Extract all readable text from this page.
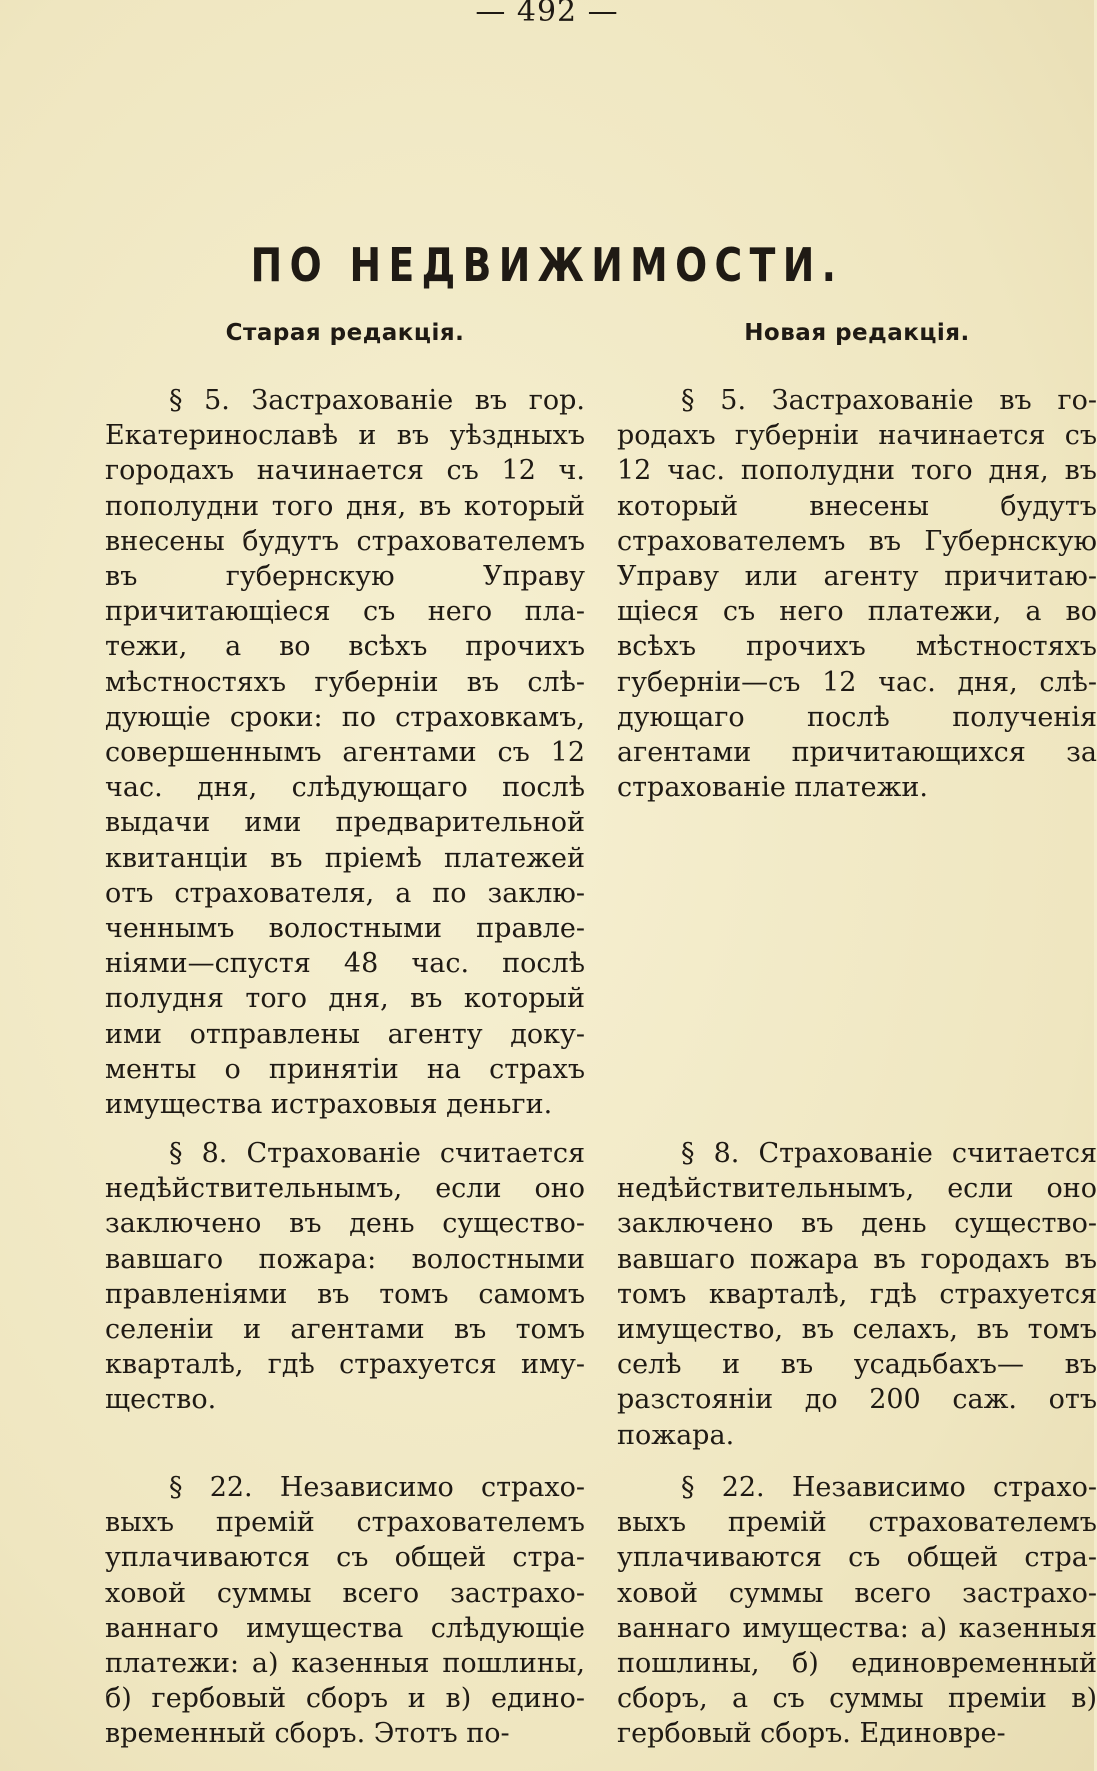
— 492 —
ПО НЕДВИЖИМОСТИ.
Старая редакція.
§ 5. Застрахованіе въ гор. Екатеринославѣ и въ уѣздныхъ городахъ начинается съ 12 ч. пополудни того дня, въ который внесены будутъ страхователемъ въ губернскую Управу причитающіеся съ него платежи, а во всѣхъ прочихъ мѣстностяхъ губерніи въ слѣдующіе сроки: по страховкамъ, совершеннымъ агентами съ 12 час. дня, слѣдующаго послѣ выдачи ими предварительной квитанціи въ пріемѣ платежей отъ страхователя, а по заключеннымъ волостными правленіями—спустя 48 час. послѣ полудня того дня, въ который ими отправлены агенту документы о принятіи на страхъ имущества истраховыя деньги.
§ 8. Страхованіе считается недѣйствительнымъ, если оно заключено въ день существовавшаго пожара: волостными правленіями въ томъ самомъ селеніи и агентами въ томъ кварталѣ, гдѣ страхуется имущество.
§ 22. Независимо страховыхъ премій страхователемъ уплачиваются съ общей страховой суммы всего застрахованнаго имущества слѣдующіе платежи: а) казенныя пошлины, б) гербовый сборъ и в) единовременный сборъ. Этотъ по-
Новая редакція.
§ 5. Застрахованіе въ городахъ губерніи начинается съ 12 час. пополудни того дня, въ который внесены будутъ страхователемъ въ Губернскую Управу или агенту причитающіеся съ него платежи, а во всѣхъ прочихъ мѣстностяхъ губерніи—съ 12 час. дня, слѣдующаго послѣ полученія агентами причитающихся за страхованіе платежи.
§ 8. Страхованіе считается недѣйствительнымъ, если оно заключено въ день существовавшаго пожара въ городахъ въ томъ кварталѣ, гдѣ страхуется имущество, въ селахъ, въ томъ селѣ и въ усадьбахъ— въ разстояніи до 200 саж. отъ пожара.
§ 22. Независимо страховыхъ премій страхователемъ уплачиваются съ общей страховой суммы всего застрахованнаго имущества: а) казенныя пошлины, б) единовременный сборъ, а съ суммы преміи в) гербовый сборъ. Единовре-
